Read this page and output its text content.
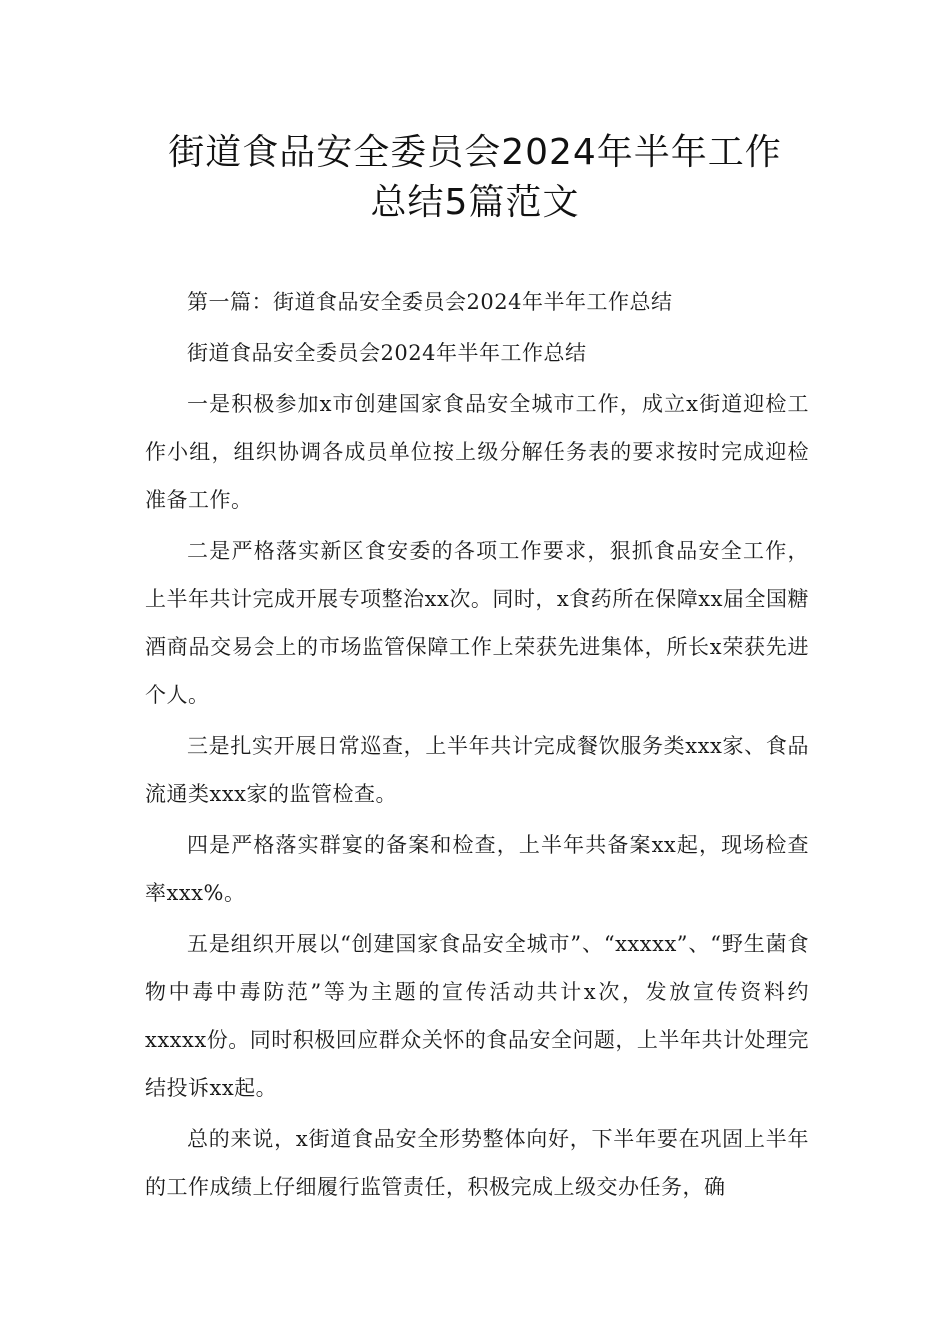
街道食品安全委员会2024年半年工作
总结5篇范文

第一篇：街道食品安全委员会2024年半年工作总结

街道食品安全委员会2024年半年工作总结

一是积极参加x市创建国家食品安全城市工作，成立x街道迎检工作小组，组织协调各成员单位按上级分解任务表的要求按时完成迎检准备工作。

二是严格落实新区食安委的各项工作要求，狠抓食品安全工作，上半年共计完成开展专项整治xx次。同时，x食药所在保障xx届全国糖酒商品交易会上的市场监管保障工作上荣获先进集体，所长x荣获先进个人。

三是扎实开展日常巡查，上半年共计完成餐饮服务类xxx家、食品流通类xxx家的监管检查。

四是严格落实群宴的备案和检查，上半年共备案xx起，现场检查率xxx%。

五是组织开展以“创建国家食品安全城市”、“xxxxx”、“野生菌食物中毒中毒防范”等为主题的宣传活动共计x次，发放宣传资料约xxxxx份。同时积极回应群众关怀的食品安全问题，上半年共计处理完结投诉xx起。

总的来说，x街道食品安全形势整体向好，下半年要在巩固上半年的工作成绩上仔细履行监管责任，积极完成上级交办任务，确
